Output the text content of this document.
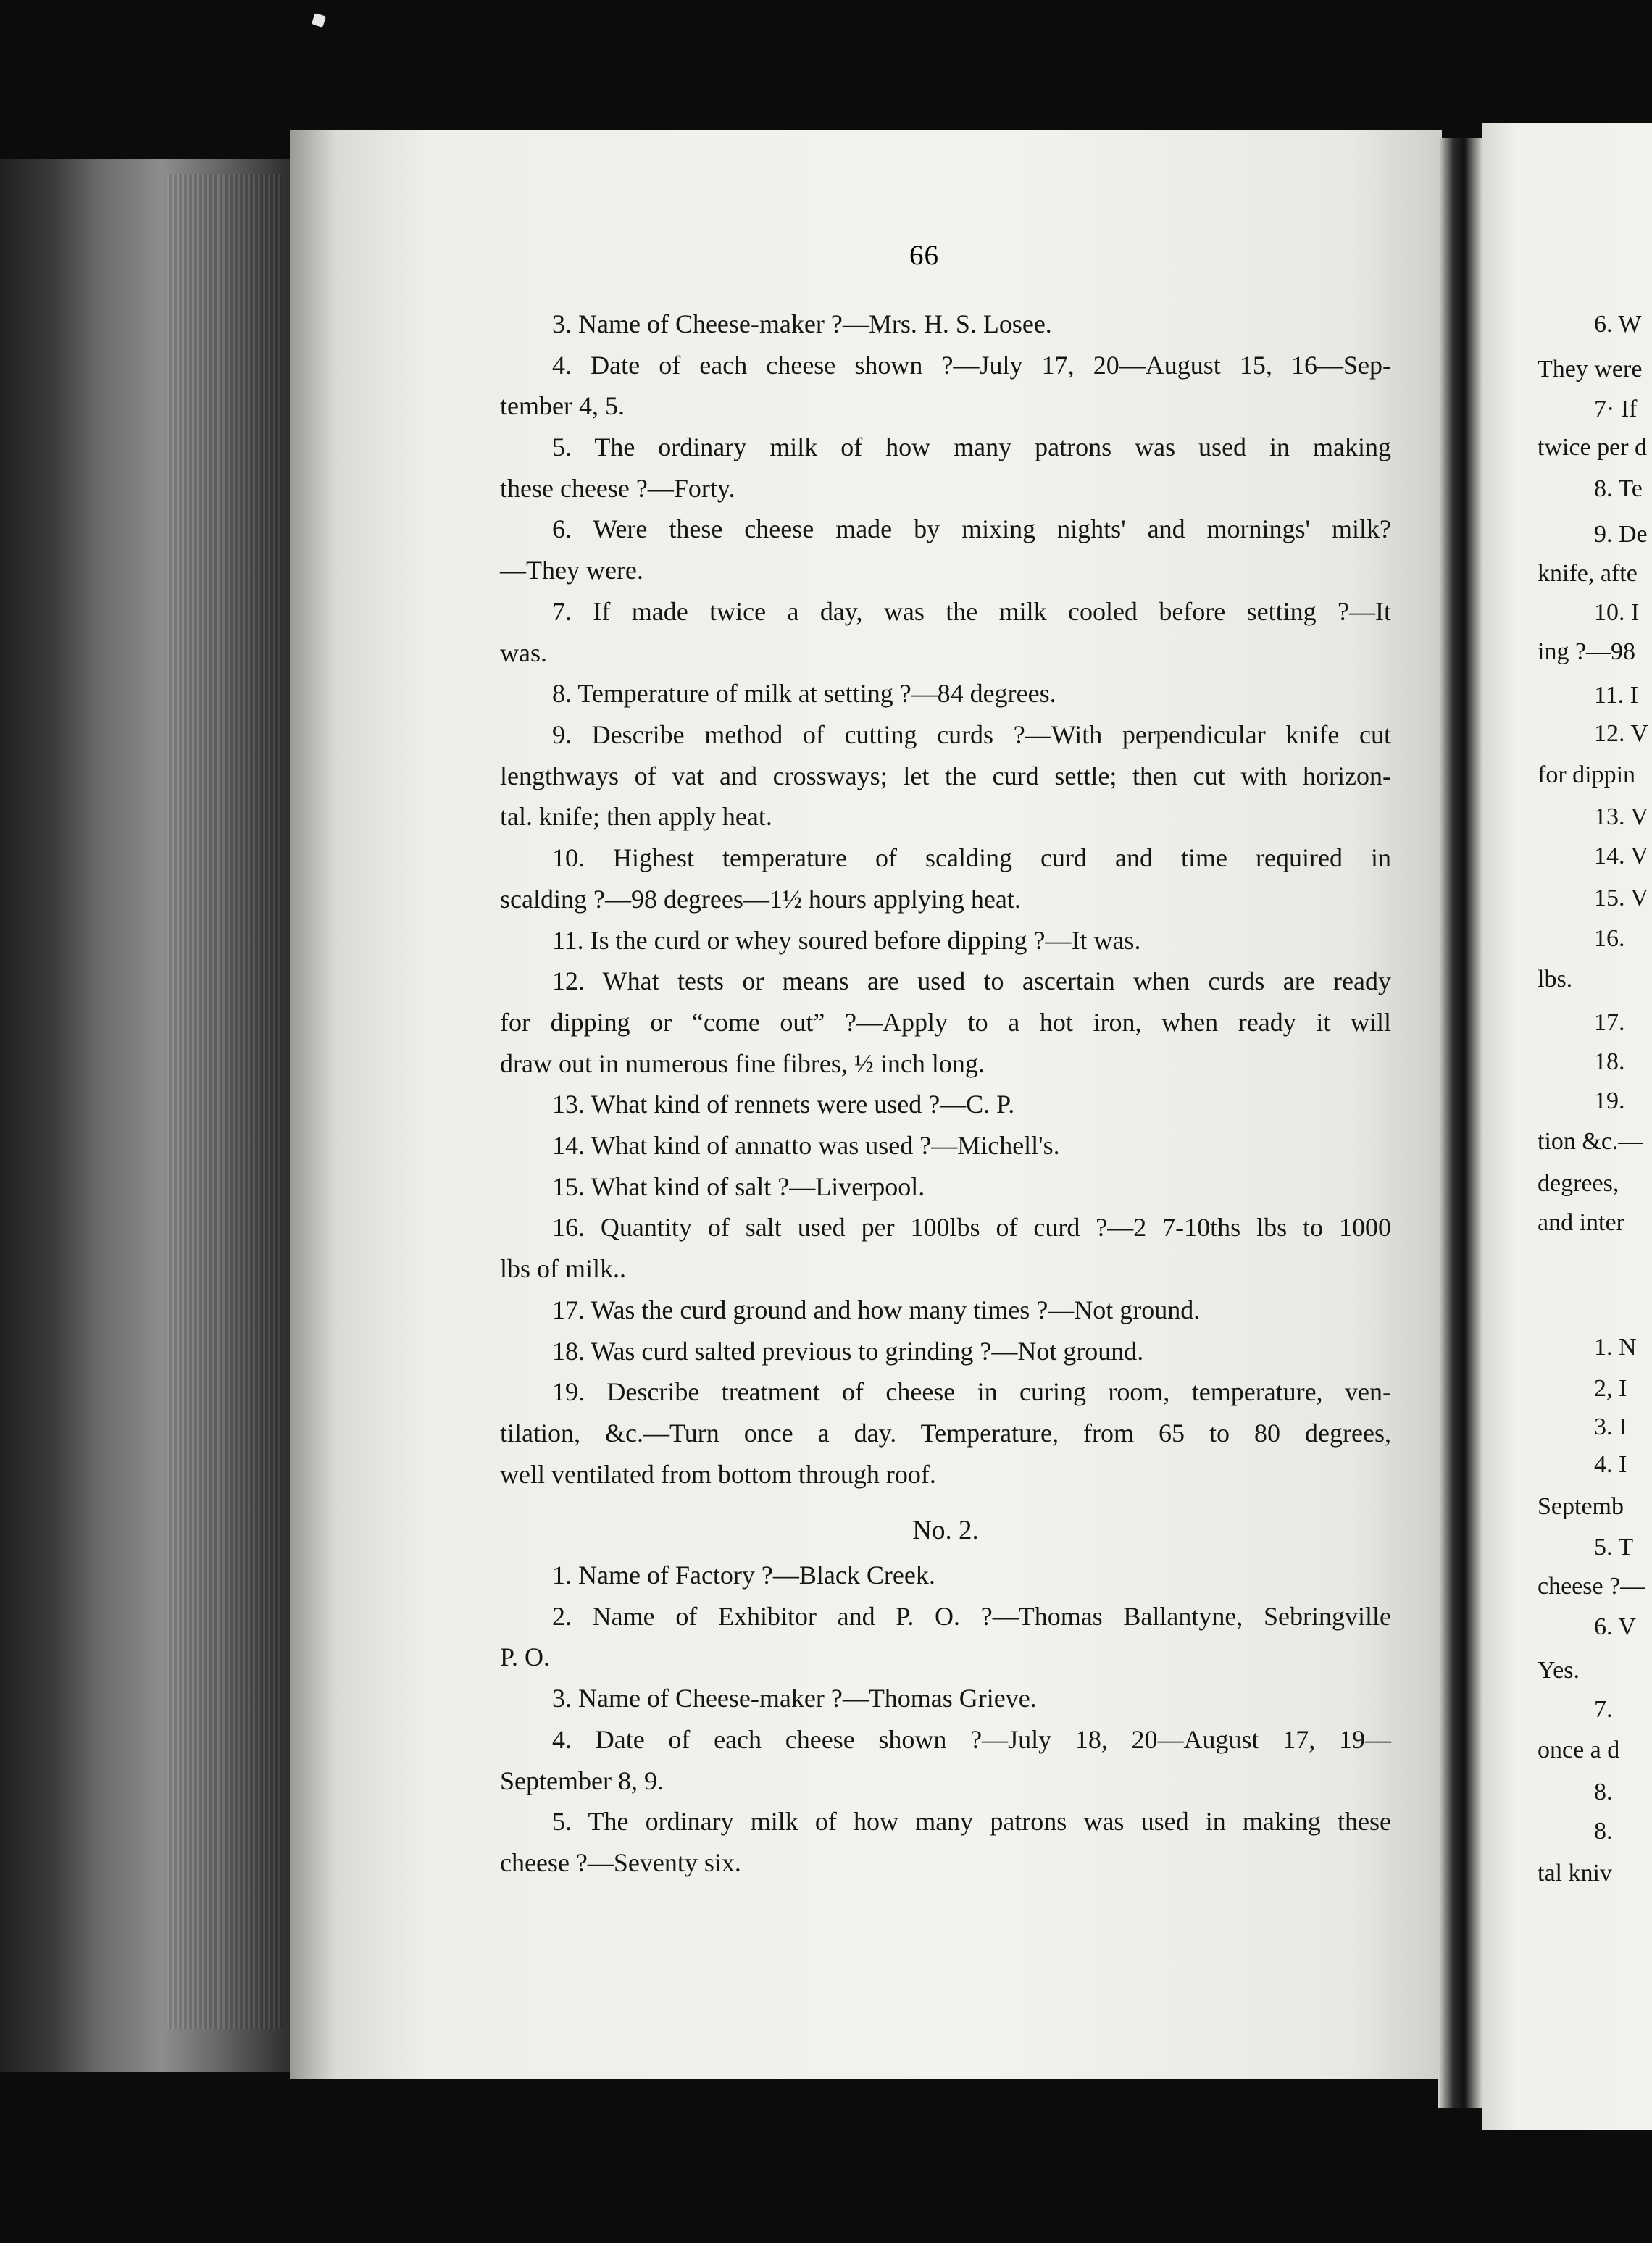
66
3. Name of Cheese-maker ?—Mrs. H. S. Losee.
4. Date of each cheese shown ?—July 17, 20—August 15, 16—Sep-
tember 4, 5.
5. The ordinary milk of how many patrons was used in making
these cheese ?—Forty.
6. Were these cheese made by mixing nights' and mornings' milk?
—They were.
7. If made twice a day, was the milk cooled before setting ?—It
was.
8. Temperature of milk at setting ?—84 degrees.
9. Describe method of cutting curds ?—With perpendicular knife cut
lengthways of vat and crossways; let the curd settle; then cut with horizon-
tal. knife; then apply heat.
10. Highest temperature of scalding curd and time required in
scalding ?—98 degrees—1½ hours applying heat.
11. Is the curd or whey soured before dipping ?—It was.
12. What tests or means are used to ascertain when curds are ready
for dipping or “come out” ?—Apply to a hot iron, when ready it will
draw out in numerous fine fibres, ½ inch long.
13. What kind of rennets were used ?—C. P.
14. What kind of annatto was used ?—Michell's.
15. What kind of salt ?—Liverpool.
16. Quantity of salt used per 100lbs of curd ?—2 7-10ths lbs to 1000
lbs of milk..
17. Was the curd ground and how many times ?—Not ground.
18. Was curd salted previous to grinding ?—Not ground.
19. Describe treatment of cheese in curing room, temperature, ven-
tilation, &c.—Turn once a day. Temperature, from 65 to 80 degrees,
well ventilated from bottom through roof.
No. 2.
1. Name of Factory ?—Black Creek.
2. Name of Exhibitor and P. O. ?—Thomas Ballantyne, Sebringville
P. O.
3. Name of Cheese-maker ?—Thomas Grieve.
4. Date of each cheese shown ?—July 18, 20—August 17, 19—
September 8, 9.
5. The ordinary milk of how many patrons was used in making these
cheese ?—Seventy six.
6. W
They were
7· If
twice per d
8. Te
9. De
knife, afte
10. I
ing ?—98
11. I
12. V
for dippin
13. V
14. V
15. V
16.
lbs.
17.
18.
19.
tion &c.—
degrees,
and inter
1. N
2, I
3. I
4. I
Septemb
5. T
cheese ?—
6. V
Yes.
7.
once a d
8.
8.
tal kniv
